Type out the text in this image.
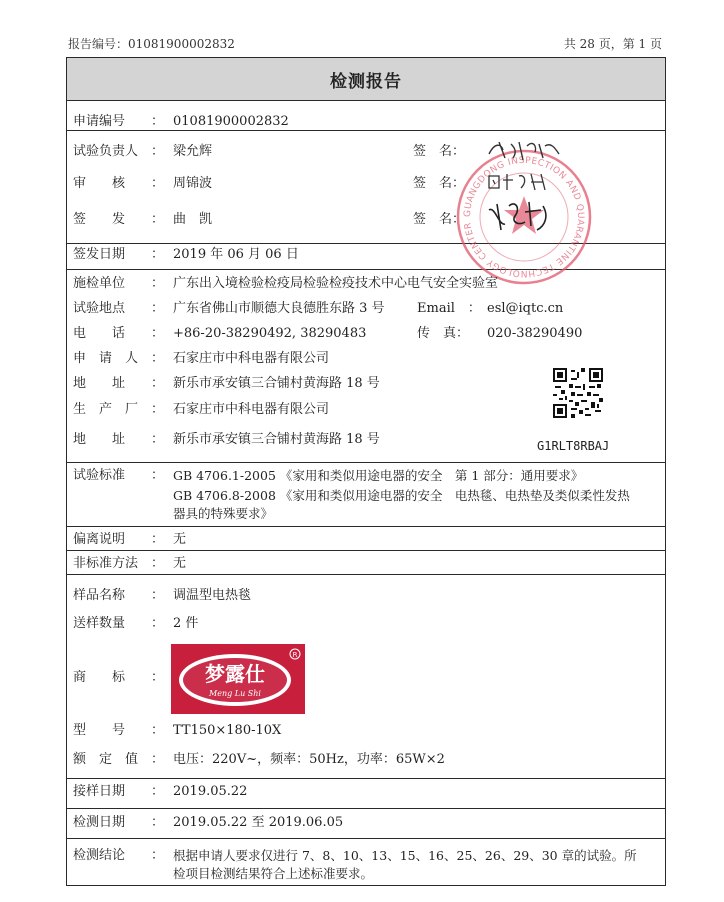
报告编号：01081900002832	共 28 页，第 1 页
检测报告
GUANGDONG INSPECTION AND QUARANTINE TECHNOLOGY CENTER
申请编号 ： 01081900002832
试验负责人 ： 梁允辉	签　名：
审　　核 ： 周锦波	签　名：
签　　发 ： 曲　凯	签　名：
签发日期 ： 2019 年 06 月 06 日
施检单位 ： 广东出入境检验检疫局检验检疫技术中心电气安全实验室
试验地点 ： 广东省佛山市顺德大良德胜东路 3 号 Email　： esl@iqtc.cn
电　　话 ： +86-20-38290492, 38290483	传　真： 020-38290490
申　请　人 ： 石家庄市中科电器有限公司
地　　址 ： 新乐市承安镇三合铺村黄海路 18 号
生　产　厂 ： 石家庄市中科电器有限公司
地　　址 ： 新乐市承安镇三合铺村黄海路 18 号	G1RLT8RBAJ
试验标准 ： GB 4706.1-2005 《家用和类似用途电器的安全　第 1 部分：通用要求》
GB 4706.8-2008 《家用和类似用途电器的安全　电热毯、电热垫及类似柔性发热
器具的特殊要求》
偏离说明 ： 无
非标准方法 ： 无
样品名称 ： 调温型电热毯
送样数量 ： 2 件
商　　标 ： 梦露仕
Meng Lu Shi
R
型　　号 ： TT150×180-10X
额　定　值 ： 电压：220V~，频率：50Hz，功率：65W×2
接样日期 ： 2019.05.22
检测日期 ： 2019.05.22 至 2019.06.05
检测结论 ： 根据申请人要求仅进行 7、8、10、13、15、16、25、26、29、30 章的试验。所
检项目检测结果符合上述标准要求。
